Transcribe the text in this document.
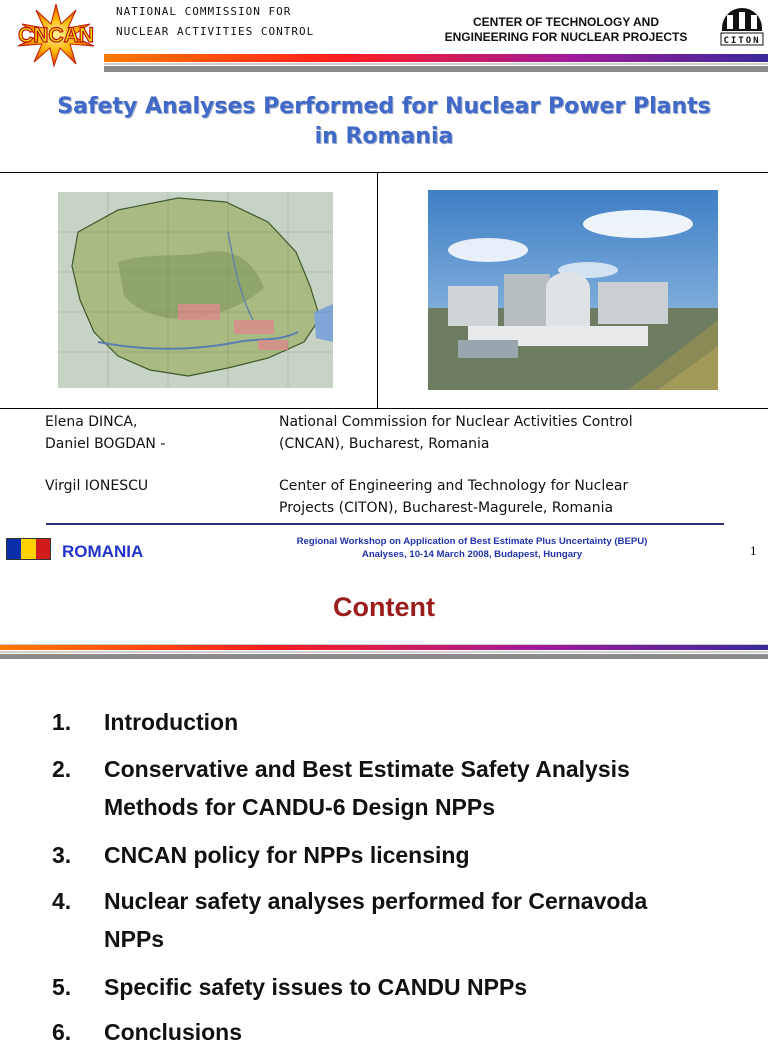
CNCAN
NATIONAL COMMISSION FOR
NUCLEAR ACTIVITIES CONTROL
CENTER OF TECHNOLOGY AND
ENGINEERING FOR NUCLEAR PROJECTS	CITON
Safety Analyses Performed for Nuclear Power Plants
in Romania
Elena DINCA,	National Commission for Nuclear Activities Control
Daniel BOGDAN -	(CNCAN), Bucharest, Romania
Virgil IONESCU	Center of Engineering and Technology for Nuclear
Projects (CITON), Bucharest-Magurele, Romania
ROMANIA
Regional Workshop on Application of Best Estimate Plus Uncertainty (BEPU)
Analyses, 10-14 March 2008, Budapest, Hungary	1
Content
1. Introduction
2. Conservative and Best Estimate Safety Analysis
Methods for CANDU-6 Design NPPs
3. CNCAN policy for NPPs licensing
4. Nuclear safety analyses performed for Cernavoda
NPPs
5. Specific safety issues to CANDU NPPs
6. Conclusions
